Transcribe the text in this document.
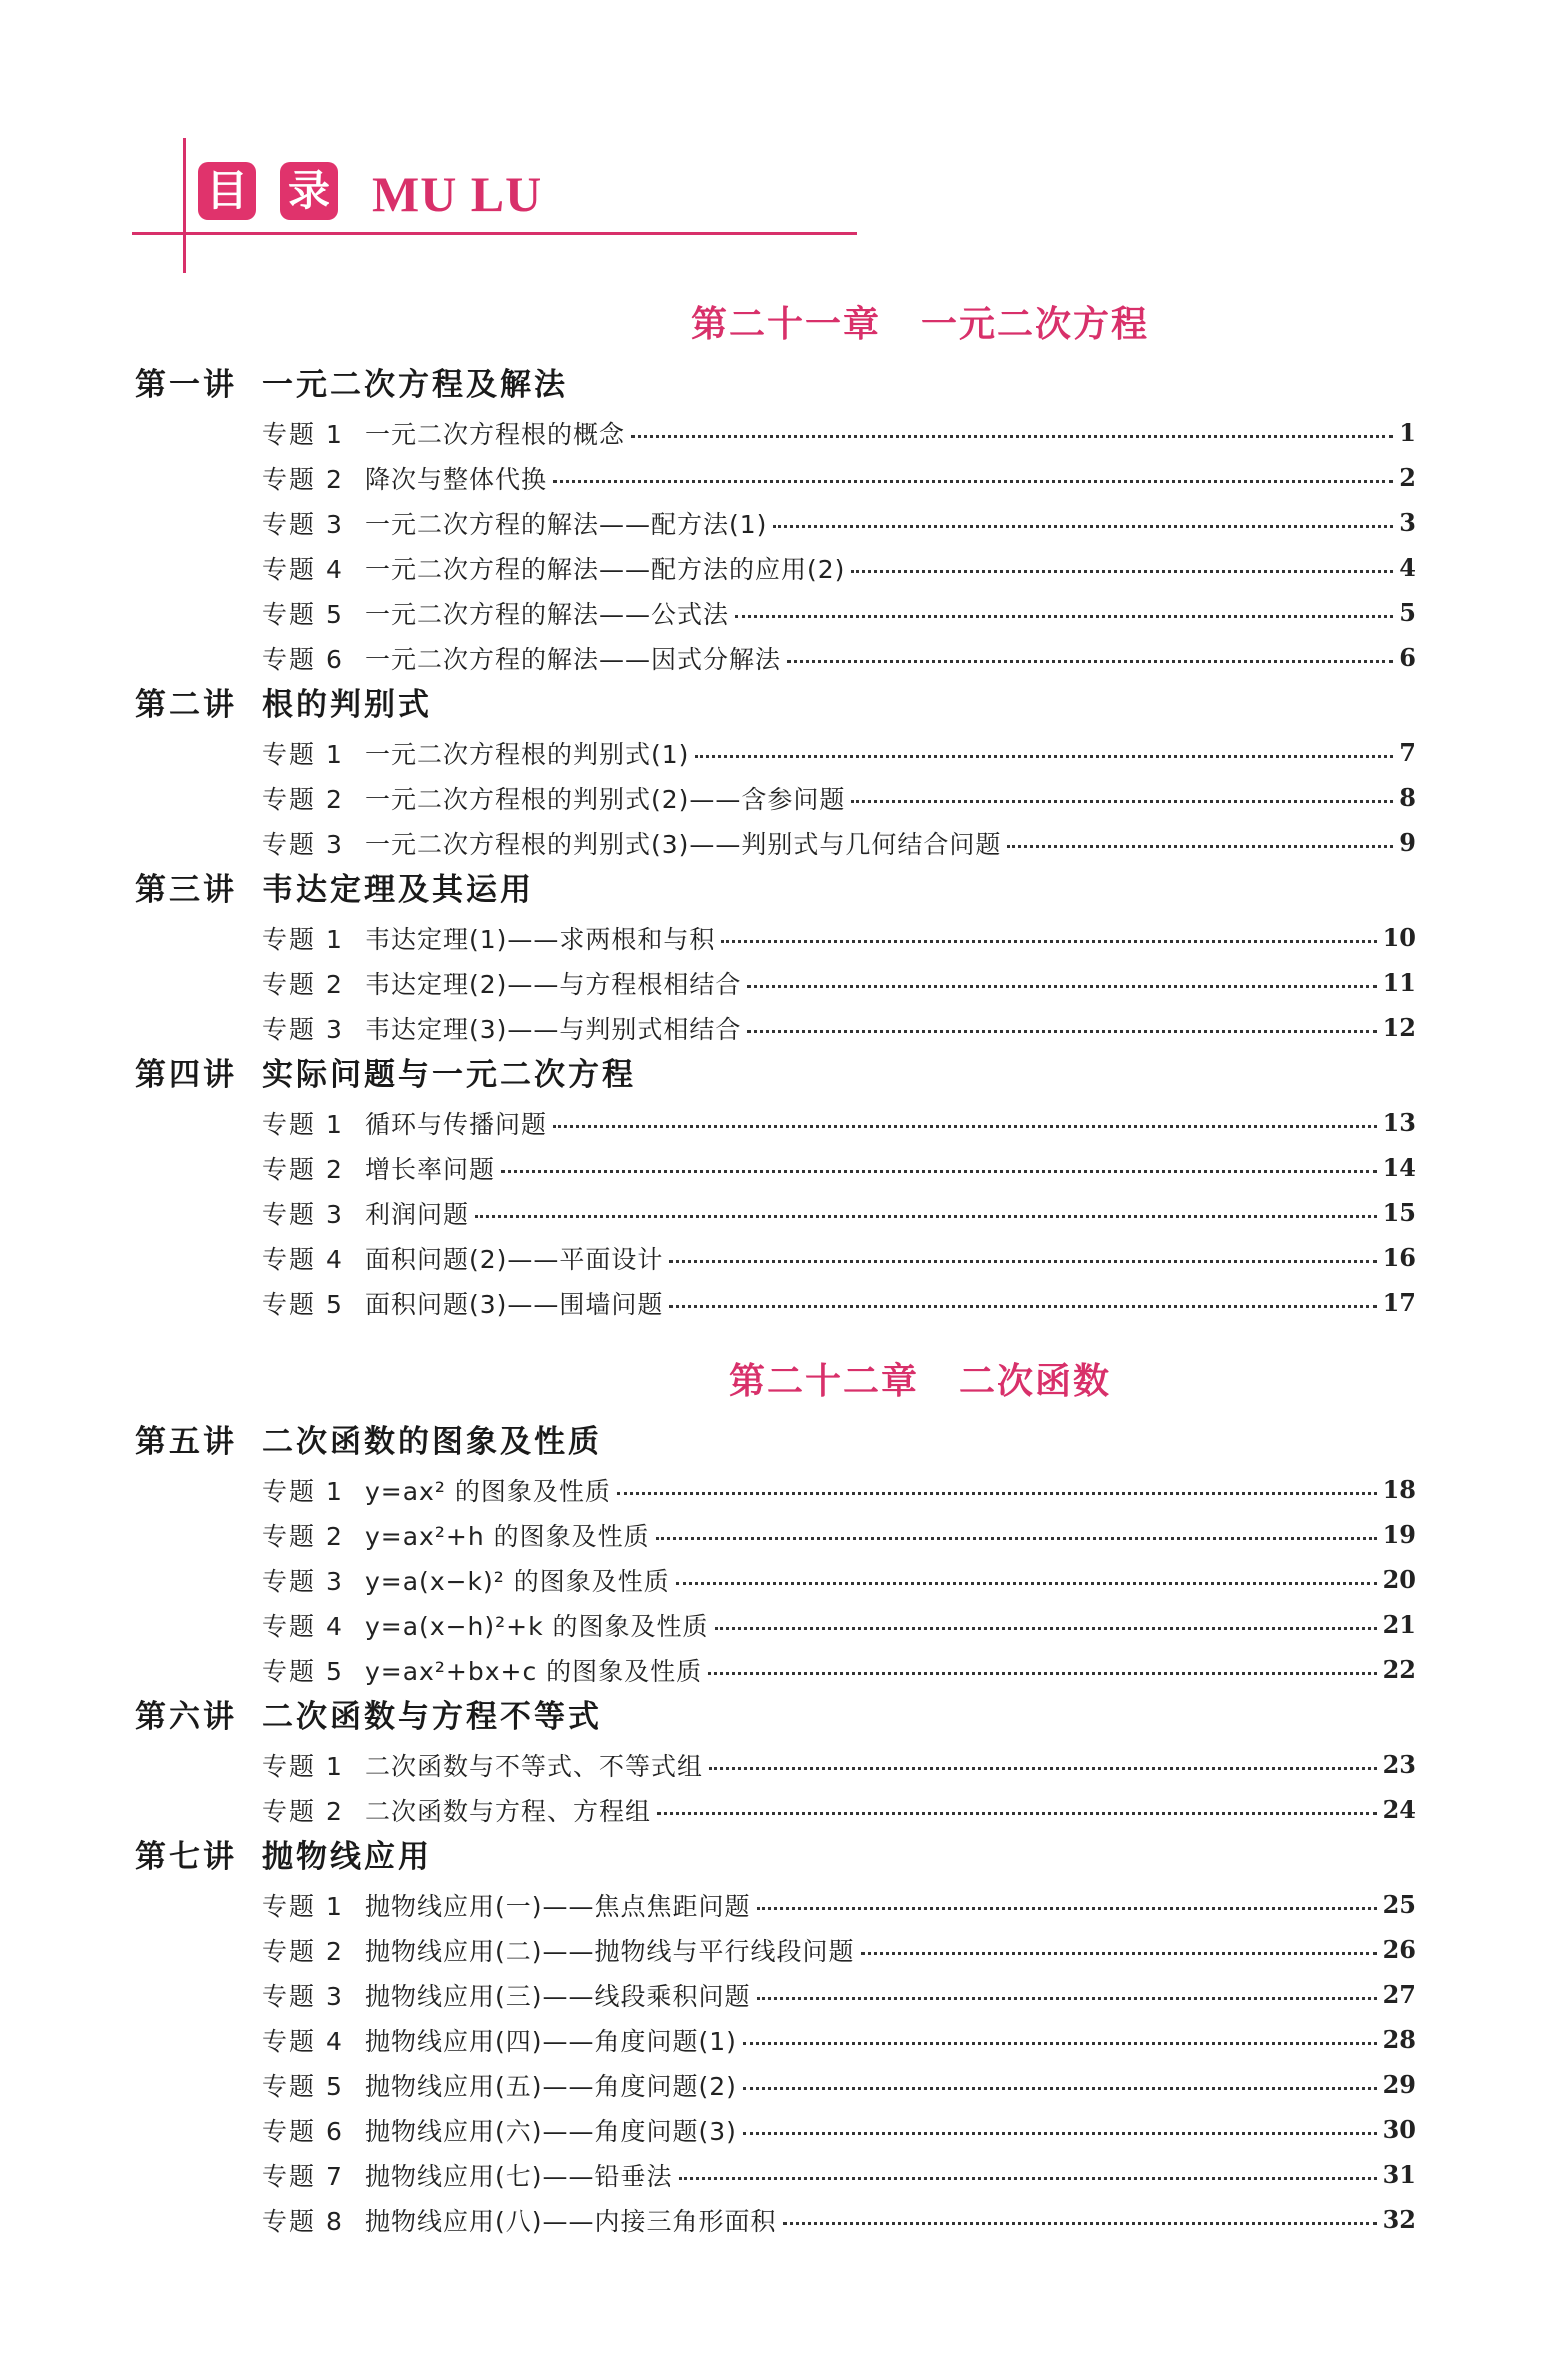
目 录 MU LU
第二十一章 一元二次方程
第一讲 一元二次方程及解法
专题 1 一元二次方程根的概念	1
专题 2 降次与整体代换	2
专题 3 一元二次方程的解法——配方法(1)	3
专题 4 一元二次方程的解法——配方法的应用(2)	4
专题 5 一元二次方程的解法——公式法	5
专题 6 一元二次方程的解法——因式分解法	6
第二讲 根的判别式
专题 1 一元二次方程根的判别式(1)	7
专题 2 一元二次方程根的判别式(2)——含参问题	8
专题 3 一元二次方程根的判别式(3)——判别式与几何结合问题	9
第三讲 韦达定理及其运用
专题 1 韦达定理(1)——求两根和与积	10
专题 2 韦达定理(2)——与方程根相结合	11
专题 3 韦达定理(3)——与判别式相结合	12
第四讲 实际问题与一元二次方程
专题 1 循环与传播问题	13
专题 2 增长率问题	14
专题 3 利润问题	15
专题 4 面积问题(2)——平面设计	16
专题 5 面积问题(3)——围墙问题	17
第二十二章 二次函数
第五讲 二次函数的图象及性质
专题 1 y=ax² 的图象及性质	18
专题 2 y=ax²+h 的图象及性质	19
专题 3 y=a(x−k)² 的图象及性质	20
专题 4 y=a(x−h)²+k 的图象及性质	21
专题 5 y=ax²+bx+c 的图象及性质	22
第六讲 二次函数与方程不等式
专题 1 二次函数与不等式、不等式组	23
专题 2 二次函数与方程、方程组	24
第七讲 抛物线应用
专题 1 抛物线应用(一)——焦点焦距问题	25
专题 2 抛物线应用(二)——抛物线与平行线段问题	26
专题 3 抛物线应用(三)——线段乘积问题	27
专题 4 抛物线应用(四)——角度问题(1)	28
专题 5 抛物线应用(五)——角度问题(2)	29
专题 6 抛物线应用(六)——角度问题(3)	30
专题 7 抛物线应用(七)——铅垂法	31
专题 8 抛物线应用(八)——内接三角形面积	32
